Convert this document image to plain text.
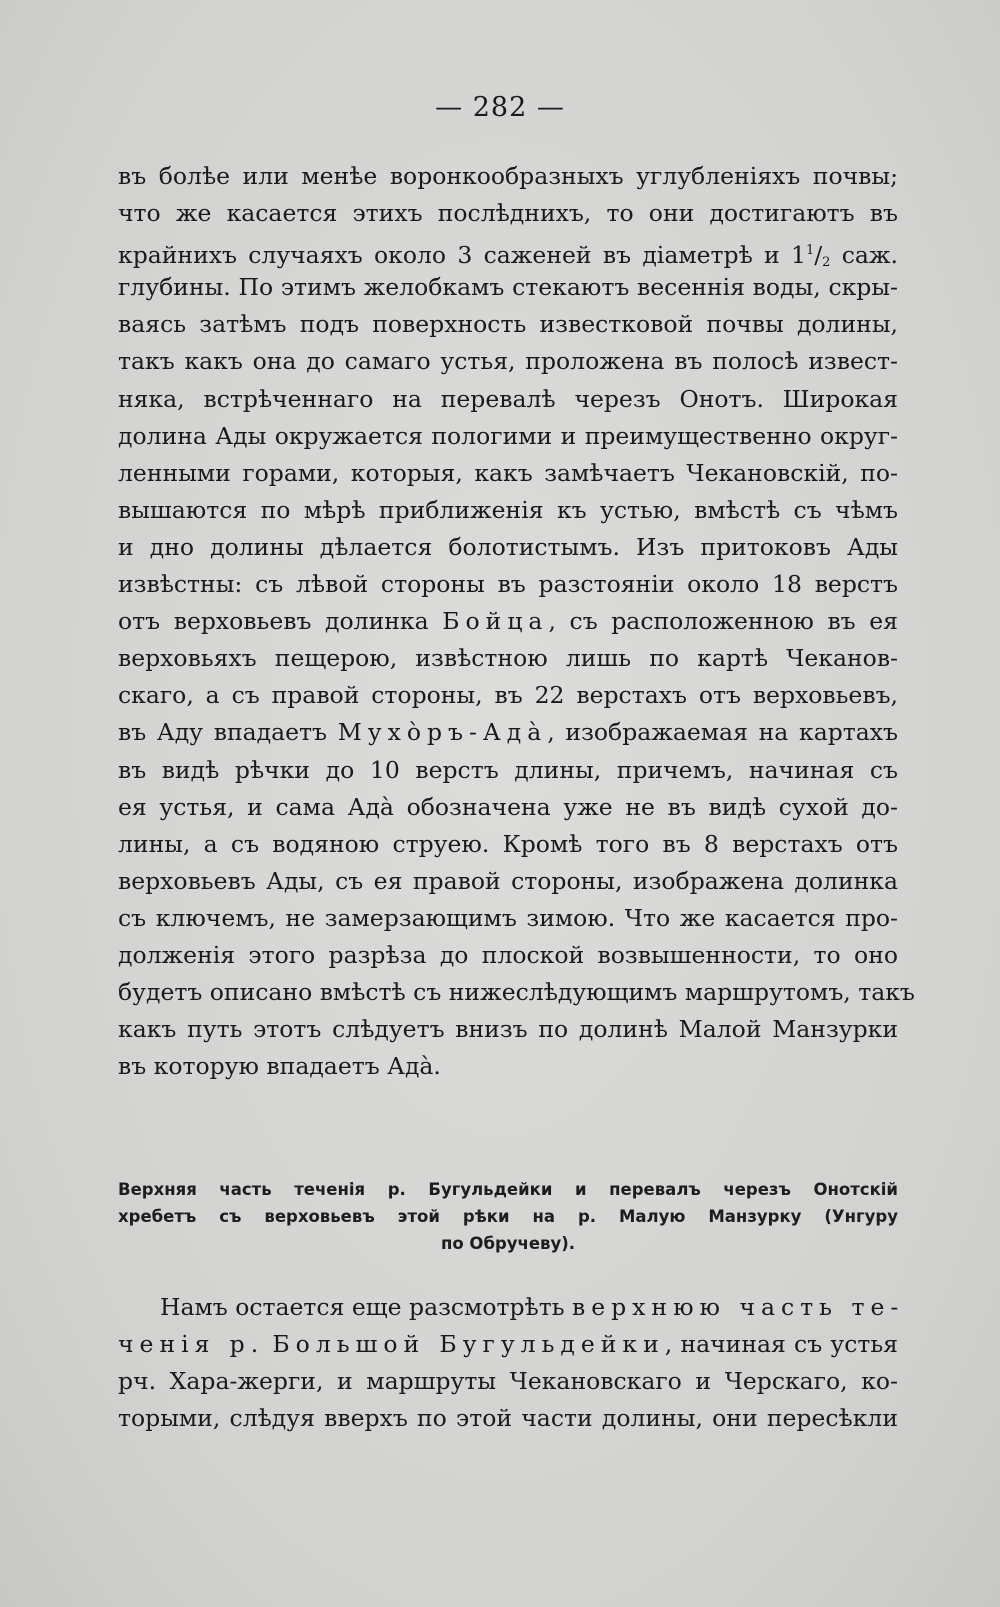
— 282 —
въ болѣе или менѣе воронкообразныхъ углубленіяхъ почвы;
что же касается этихъ послѣднихъ, то они достигаютъ въ
крайнихъ случаяхъ около 3 саженей въ діаметрѣ и $1^1/_2$ саж.
глубины. По этимъ желобкамъ стекаютъ весеннія воды, скры-
ваясь затѣмъ подъ поверхность известковой почвы долины,
такъ какъ она до самаго устья, проложена въ полосѣ извест-
няка, встрѣченнаго на перевалѣ черезъ Онотъ. Широкая
долина Ады окружается пологими и преимущественно округ-
ленными горами, которыя, какъ замѣчаетъ Чекановскій, по-
вышаются по мѣрѣ приближенія къ устью, вмѣстѣ съ чѣмъ
и дно долины дѣлается болотистымъ. Изъ притоковъ Ады
извѣстны: съ лѣвой стороны въ разстояніи около 18 верстъ
отъ верховьевъ долинка Бойца, съ расположенною въ ея
верховьяхъ пещерою, извѣстною лишь по картѣ Чеканов-
скаго, а съ правой стороны, въ 22 верстахъ отъ верховьевъ,
въ Аду впадаетъ Мухо̀ръ-Ада̀, изображаемая на картахъ
въ видѣ рѣчки до 10 верстъ длины, причемъ, начиная съ
ея устья, и сама Ада̀ обозначена уже не въ видѣ сухой до-
лины, а съ водяною струею. Кромѣ того въ 8 верстахъ отъ
верховьевъ Ады, съ ея правой стороны, изображена долинка
съ ключемъ, не замерзающимъ зимою. Что же касается про-
долженія этого разрѣза до плоской возвышенности, то оно
будетъ описано вмѣстѣ съ нижеслѣдующимъ маршрутомъ, такъ
какъ путь этотъ слѣдуетъ внизъ по долинѣ Малой Манзурки
въ которую впадаетъ Ада̀.
Верхняя часть теченія р. Бугульдейки и перевалъ черезъ Онотскій
хребетъ съ верховьевъ этой рѣки на р. Малую Манзурку (Унгуру
по Обручеву).
Намъ остается еще разсмотрѣть верхнюю часть те-
ченія р. Большой Бугульдейки, начиная съ устья
рч. Хара-жерги, и маршруты Чекановскаго и Черскаго, ко-
торыми, слѣдуя вверхъ по этой части долины, они пересѣкли
